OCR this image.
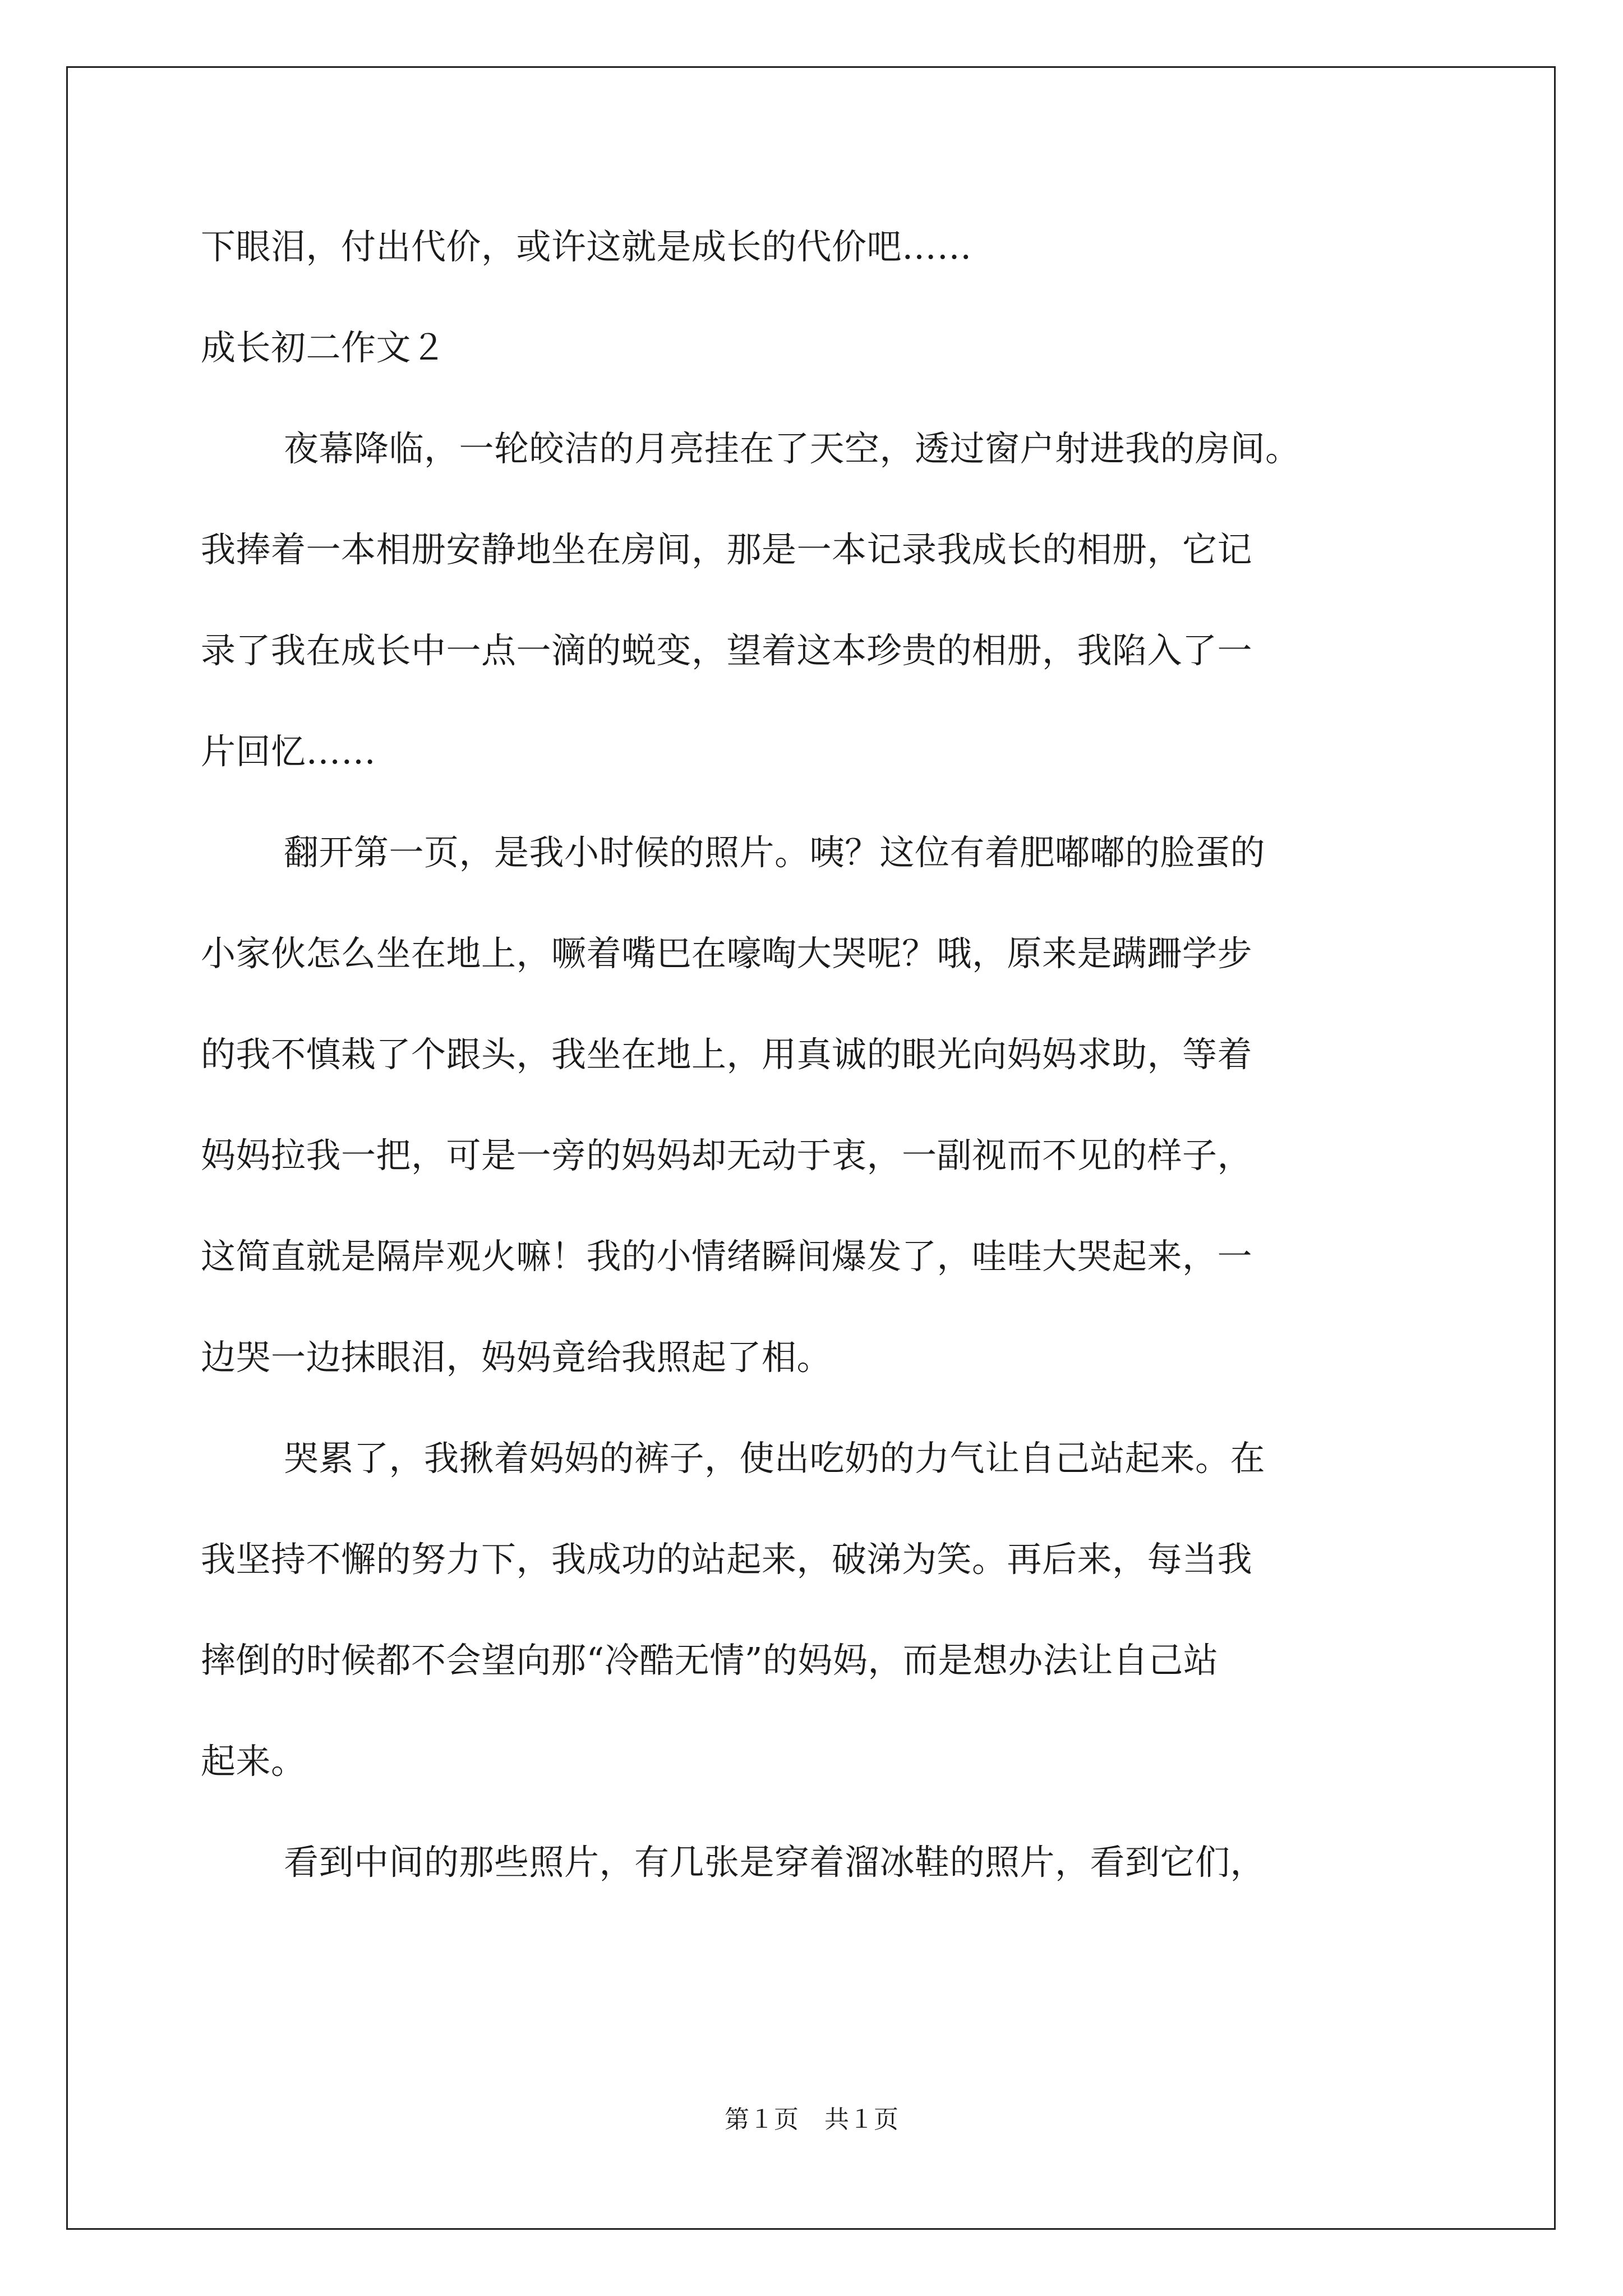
下眼泪，付出代价，或许这就是成长的代价吧……
成长初二作文２
夜幕降临，一轮皎洁的月亮挂在了天空，透过窗户射进我的房间。
我捧着一本相册安静地坐在房间，那是一本记录我成长的相册，它记
录了我在成长中一点一滴的蜕变，望着这本珍贵的相册，我陷入了一
片回忆……
翻开第一页，是我小时候的照片。咦？这位有着肥嘟嘟的脸蛋的
小家伙怎么坐在地上，噘着嘴巴在嚎啕大哭呢？哦，原来是蹒跚学步
的我不慎栽了个跟头，我坐在地上，用真诚的眼光向妈妈求助，等着
妈妈拉我一把，可是一旁的妈妈却无动于衷，一副视而不见的样子，
这简直就是隔岸观火嘛！我的小情绪瞬间爆发了，哇哇大哭起来，一
边哭一边抹眼泪，妈妈竟给我照起了相。
哭累了，我揪着妈妈的裤子，使出吃奶的力气让自己站起来。在
我坚持不懈的努力下，我成功的站起来，破涕为笑。再后来，每当我
摔倒的时候都不会望向那“冷酷无情”的妈妈，而是想办法让自己站
起来。
看到中间的那些照片，有几张是穿着溜冰鞋的照片，看到它们，
第１页 共１页
